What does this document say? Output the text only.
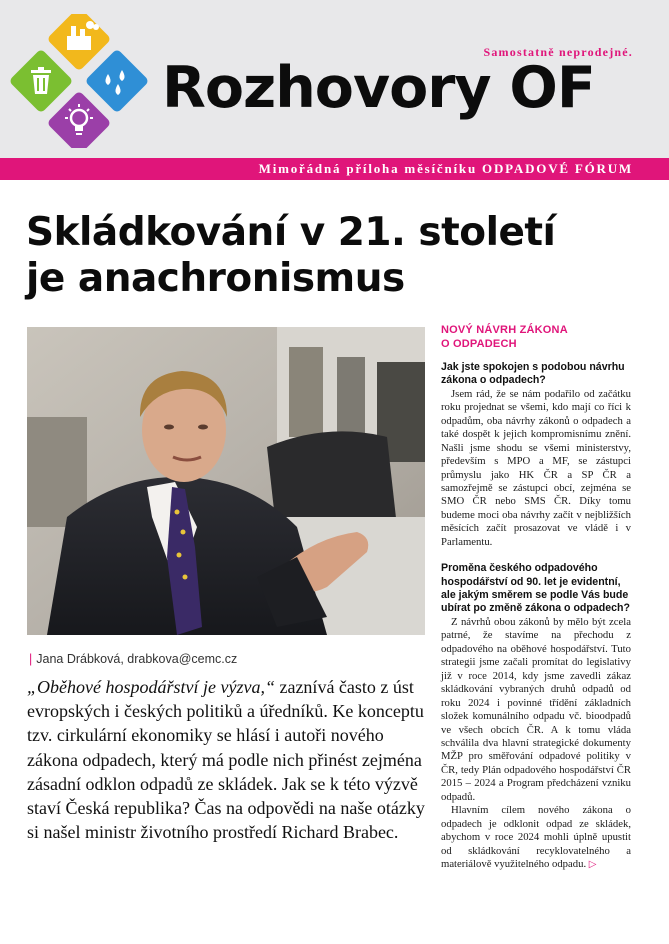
Samostatně neprodejné.
Rozhovory OF
Mimořádná příloha měsíčníku ODPADOVÉ FÓRUM
Skládkování v 21. století
je anachronismus
| Jana Drábková, drabkova@cemc.cz

„Oběhové hospodářství je výzva,“ zaznívá často z úst evropských i českých politiků a úředníků. Ke konceptu tzv. cirkulární ekonomiky se hlásí i autoři nového zákona odpadech, který má podle nich přinést zejména zásadní odklon odpadů ze skládek. Jak se k této výzvě staví Česká republika? Čas na odpovědi na naše otázky si našel ministr životního prostředí Richard Brabec.

NOVÝ NÁVRH ZÁKONA
O ODPADECH

Jak jste spokojen s podobou návrhu zákona o odpadech?

Jsem rád, že se nám podařilo od začátku roku projednat se všemi, kdo mají co říci k odpadům, oba návrhy zákonů o odpadech a také dospět k jejich kompromisnímu znění. Našli jsme shodu se všemi ministerstvy, především s MPO a MF, se zástupci průmyslu jako HK ČR a SP ČR a samozřejmě se zástupci obcí, zejména se SMO ČR nebo SMS ČR. Díky tomu budeme moci oba návrhy začít v nejbližších měsících začít prosazovat ve vládě i v Parlamentu.

Proměna českého odpadového hospodářství od 90. let je evidentní, ale jakým směrem se podle Vás bude ubírat po změně zákona o odpadech?

Z návrhů obou zákonů by mělo být zcela patrné, že stavíme na přechodu z odpadového na oběhové hospodářství. Tuto strategii jsme začali promítat do legislativy již v roce 2014, kdy jsme zavedli zákaz skládkování vybraných druhů odpadů od roku 2024 i povinné třídění základních složek komunálního odpadu vč. bioodpadů ve všech obcích ČR. A k tomu vláda schválila dva hlavní strategické dokumenty MŽP pro směřování odpadové politiky v ČR, tedy Plán odpadového hospodářství ČR 2015 – 2024 a Program předcházení vzniku odpadů.

Hlavním cílem nového zákona o odpadech je odklonit odpad ze skládek, abychom v roce 2024 mohli úplně upustit od skládkování recyklovatelného a materiálově využitelného odpadu. ▷
